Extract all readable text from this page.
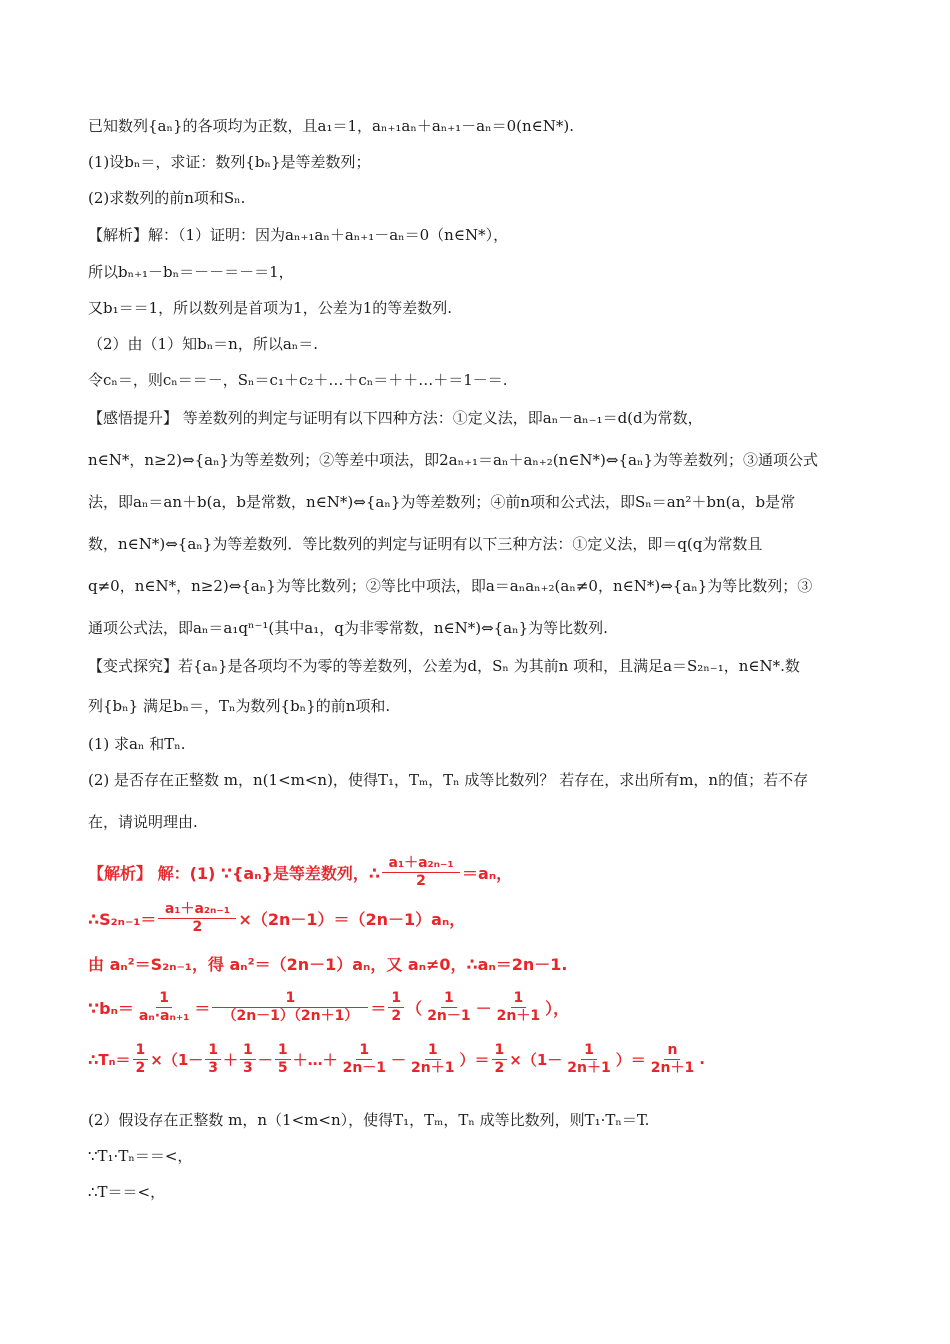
已知数列{aₙ}的各项均为正数，且a₁＝1，aₙ₊₁aₙ＋aₙ₊₁－aₙ＝0(n∈N*).
(1)设bₙ＝，求证：数列{bₙ}是等差数列；
(2)求数列的前n项和Sₙ.
【解析】解：（1）证明：因为aₙ₊₁aₙ＋aₙ₊₁－aₙ＝0（n∈N*），
所以bₙ₊₁－bₙ＝－－＝－＝1，
又b₁＝＝1，所以数列是首项为1，公差为1的等差数列.
（2）由（1）知bₙ＝n，所以aₙ＝.
令cₙ＝，则cₙ＝＝－，Sₙ＝c₁＋c₂＋…＋cₙ＝＋＋…＋＝1－＝.
【感悟提升】 等差数列的判定与证明有以下四种方法：①定义法，即aₙ－aₙ₋₁＝d(d为常数，
n∈N*，n≥2)⇔{aₙ}为等差数列；②等差中项法，即2aₙ₊₁＝aₙ＋aₙ₊₂(n∈N*)⇔{aₙ}为等差数列；③通项公式
法，即aₙ＝an＋b(a，b是常数，n∈N*)⇔{aₙ}为等差数列；④前n项和公式法，即Sₙ＝an²＋bn(a，b是常
数，n∈N*)⇔{aₙ}为等差数列．等比数列的判定与证明有以下三种方法：①定义法，即＝q(q为常数且
q≠0，n∈N*，n≥2)⇔{aₙ}为等比数列；②等比中项法，即a＝aₙaₙ₊₂(aₙ≠0，n∈N*)⇔{aₙ}为等比数列；③
通项公式法，即aₙ＝a₁qⁿ⁻¹(其中a₁，q为非零常数，n∈N*)⇔{aₙ}为等比数列.
【变式探究】若{aₙ}是各项均不为零的等差数列，公差为d，Sₙ 为其前n 项和，且满足a＝S₂ₙ₋₁，n∈N*.数
列{bₙ} 满足bₙ＝，Tₙ为数列{bₙ}的前n项和.
(1) 求aₙ 和Tₙ.
(2) 是否存在正整数 m，n(1<m<n)，使得T₁，Tₘ，Tₙ 成等比数列？ 若存在，求出所有m，n的值；若不存
在，请说明理由.
【解析】 解：(1) ∵{aₙ}是等差数列，∴ $\frac{\text{a₁＋a₂ₙ₋₁}}{2} =a_n$，
∴S₂ₙ₋₁＝ $\frac{\text{a₁＋a₂ₙ₋₁}}{2} \times(2n-1)=(2n-1)a_n$，
由 aₙ²＝S₂ₙ₋₁，得 aₙ²＝（2n－1）aₙ，又 aₙ≠0，∴aₙ＝2n－1.
∵bₙ＝ $\frac{1}{\text{aₙ·aₙ₊₁}} = \frac{1}{(2n-1)(2n+1)} = \frac{1}{2}$ （ $\frac{1}{2n-1} - \frac{1}{2n+1}$ ），
∴Tₙ＝ $\frac{1}{2} \times(1- \frac{1}{3} + \frac{1}{3} - \frac{1}{5}$ ＋…＋ $\frac{1}{2n-1} - \frac{1}{2n+1}$ ）＝ $\frac{1}{2} \times(1- \frac{1}{2n+1}$ ）＝ $\frac{n}{2n+1}$ .
(2）假设存在正整数 m，n（1<m<n），使得T₁，Tₘ，Tₙ 成等比数列，则T₁·Tₙ＝T.
∵T₁·Tₙ＝＝<，
∴T＝＝<，
